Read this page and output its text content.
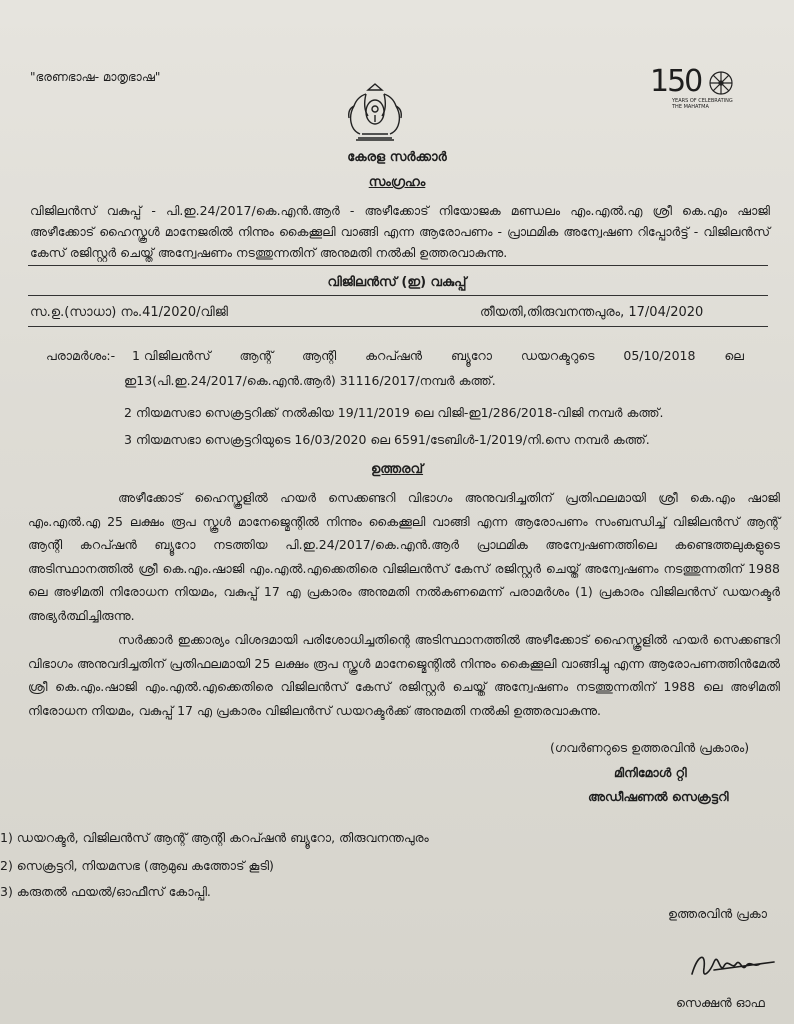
"ഭരണഭാഷ- മാതൃഭാഷ"	150
YEARS OF CELEBRATING THE MAHATMA
കേരള സർക്കാർ
സംഗ്രഹം
വിജിലൻസ് വകുപ്പ് - പി.ഇ.24/2017/കെ.എൻ.ആർ - അഴീക്കോട് നിയോജക മണ്ഡലം എം.എൽ.എ ശ്രീ കെ.എം ഷാജി അഴീക്കോട് ഹൈസ്കൂൾ മാനേജരിൽ നിന്നും കൈക്കൂലി വാങ്ങി എന്ന ആരോപണം - പ്രാഥമിക അന്വേഷണ റിപ്പോർട്ട് - വിജിലൻസ് കേസ് രജിസ്റ്റർ ചെയ്ത് അന്വേഷണം നടത്തുന്നതിന് അനുമതി നൽകി ഉത്തരവാകുന്നു.
വിജിലൻസ് (ഇ) വകുപ്പ്
സ.ഉ.(സാധാ) നം.41/2020/വിജി	തീയതി,തിരുവനന്തപുരം, 17/04/2020
പരാമർശം:- 1 വിജിലൻസ് ആന്റ് ആന്റി കറപ്ഷൻ ബ്യൂറോ ഡയറക്ടറുടെ 05/10/2018 ലെ
ഇ13(പി.ഇ.24/2017/കെ.എൻ.ആർ) 31116/2017/നമ്പർ കത്ത്.
2 നിയമസഭാ സെക്രട്ടറിക്ക് നൽകിയ 19/11/2019 ലെ വിജി-ഇ1/286/2018-വിജി നമ്പർ കത്ത്.
3 നിയമസഭാ സെക്രട്ടറിയുടെ 16/03/2020 ലെ 6591/ടേബിൾ-1/2019/നി.സെ നമ്പർ കത്ത്.
ഉത്തരവ്
അഴീക്കോട് ഹൈസ്കൂളിൽ ഹയർ സെക്കണ്ടറി വിഭാഗം അനുവദിച്ചതിന് പ്രതിഫലമായി ശ്രീ കെ.എം ഷാജി എം.എൽ.എ 25 ലക്ഷം രൂപ സ്കൂൾ മാനേജ്മെന്റിൽ നിന്നും കൈക്കൂലി വാങ്ങി എന്ന ആരോപണം സംബന്ധിച്ച് വിജിലൻസ് ആന്റ് ആന്റി കറപ്ഷൻ ബ്യൂറോ നടത്തിയ പി.ഇ.24/2017/കെ.എൻ.ആർ പ്രാഥമിക അന്വേഷണത്തിലെ കണ്ടെത്തലുകളുടെ അടിസ്ഥാനത്തിൽ ശ്രീ കെ.എം.ഷാജി എം.എൽ.എക്കെതിരെ വിജിലൻസ് കേസ് രജിസ്റ്റർ ചെയ്ത് അന്വേഷണം നടത്തുന്നതിന് 1988 ലെ അഴിമതി നിരോധന നിയമം, വകുപ്പ് 17 എ പ്രകാരം അനുമതി നൽകണമെന്ന് പരാമർശം (1) പ്രകാരം വിജിലൻസ് ഡയറക്ടർ അഭ്യർത്ഥിച്ചിരുന്നു.
സർക്കാർ ഇക്കാര്യം വിശദമായി പരിശോധിച്ചതിന്റെ അടിസ്ഥാനത്തിൽ അഴീക്കോട് ഹൈസ്കൂളിൽ ഹയർ സെക്കണ്ടറി വിഭാഗം അനുവദിച്ചതിന് പ്രതിഫലമായി 25 ലക്ഷം രൂപ സ്കൂൾ മാനേജ്മെന്റിൽ നിന്നും കൈക്കൂലി വാങ്ങിച്ചു എന്ന ആരോപണത്തിൻമേൽ ശ്രീ കെ.എം.ഷാജി എം.എൽ.എക്കെതിരെ വിജിലൻസ് കേസ് രജിസ്റ്റർ ചെയ്ത് അന്വേഷണം നടത്തുന്നതിന് 1988 ലെ അഴിമതി നിരോധന നിയമം, വകുപ്പ് 17 എ പ്രകാരം വിജിലൻസ് ഡയറക്ടർക്ക് അനുമതി നൽകി ഉത്തരവാകുന്നു.
(ഗവർണറുടെ ഉത്തരവിൻ പ്രകാരം)
മിനിമോൾ റ്റി
അഡീഷണൽ സെക്രട്ടറി
1) ഡയറക്ടർ, വിജിലൻസ് ആന്റ് ആന്റി കറപ്ഷൻ ബ്യൂറോ, തിരുവനന്തപുരം
2) സെക്രട്ടറി, നിയമസഭ (ആമുഖ കത്തോട് കൂടി)
3) കരുതൽ ഫയൽ/ഓഫീസ് കോപ്പി.
ഉത്തരവിൻ പ്രകാ
സെക്ഷൻ ഓഫ
